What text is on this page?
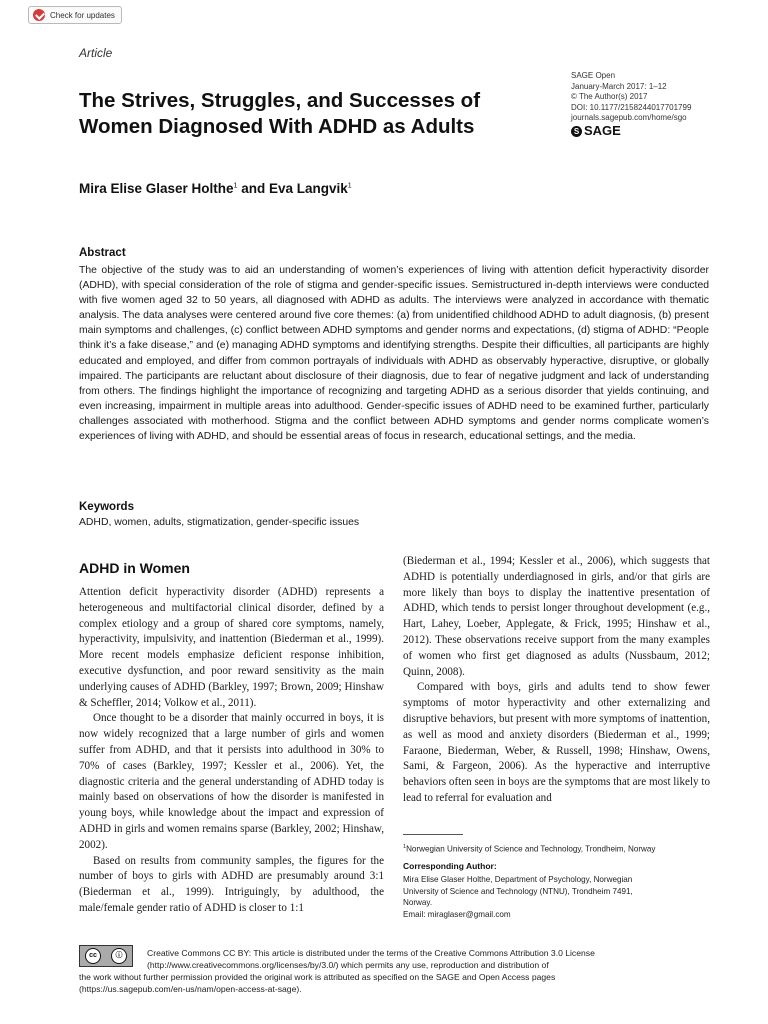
Check for updates
Article
The Strives, Struggles, and Successes of Women Diagnosed With ADHD as Adults
SAGE Open
January-March 2017: 1–12
© The Author(s) 2017
DOI: 10.1177/2158244017701799
journals.sagepub.com/home/sgo
S SAGE
Mira Elise Glaser Holthe$^1$ and Eva Langvik$^1$
Abstract

The objective of the study was to aid an understanding of women’s experiences of living with attention deficit hyperactivity disorder (ADHD), with special consideration of the role of stigma and gender-specific issues. Semistructured in-depth interviews were conducted with five women aged 32 to 50 years, all diagnosed with ADHD as adults. The interviews were analyzed in accordance with thematic analysis. The data analyses were centered around five core themes: (a) from unidentified childhood ADHD to adult diagnosis, (b) present main symptoms and challenges, (c) conflict between ADHD symptoms and gender norms and expectations, (d) stigma of ADHD: “People think it’s a fake disease,” and (e) managing ADHD symptoms and identifying strengths. Despite their difficulties, all participants are highly educated and employed, and differ from common portrayals of individuals with ADHD as observably hyperactive, disruptive, or globally impaired. The participants are reluctant about disclosure of their diagnosis, due to fear of negative judgment and lack of understanding from others. The findings highlight the importance of recognizing and targeting ADHD as a serious disorder that yields continuing, and even increasing, impairment in multiple areas into adulthood. Gender-specific issues of ADHD need to be examined further, particularly challenges associated with motherhood. Stigma and the conflict between ADHD symptoms and gender norms complicate women’s experiences of living with ADHD, and should be essential areas of focus in research, educational settings, and the media.

Keywords
ADHD, women, adults, stigmatization, gender-specific issues
ADHD in Women

Attention deficit hyperactivity disorder (ADHD) represents a heterogeneous and multifactorial clinical disorder, defined by a complex etiology and a group of shared core symptoms, namely, hyperactivity, impulsivity, and inattention (Biederman et al., 1999). More recent models emphasize deficient response inhibition, executive dysfunction, and poor reward sensitivity as the main underlying causes of ADHD (Barkley, 1997; Brown, 2009; Hinshaw & Scheffler, 2014; Volkow et al., 2011).

Once thought to be a disorder that mainly occurred in boys, it is now widely recognized that a large number of girls and women suffer from ADHD, and that it persists into adulthood in 30% to 70% of cases (Barkley, 1997; Kessler et al., 2006). Yet, the diagnostic criteria and the general understanding of ADHD today is mainly based on observations of how the disorder is manifested in young boys, while knowledge about the impact and expression of ADHD in girls and women remains sparse (Barkley, 2002; Hinshaw, 2002).

Based on results from community samples, the figures for the number of boys to girls with ADHD are presumably around 3:1 (Biederman et al., 1999). Intriguingly, by adulthood, the male/female gender ratio of ADHD is closer to 1:1

(Biederman et al., 1994; Kessler et al., 2006), which suggests that ADHD is potentially underdiagnosed in girls, and/or that girls are more likely than boys to display the inattentive presentation of ADHD, which tends to persist longer throughout development (e.g., Hart, Lahey, Loeber, Applegate, & Frick, 1995; Hinshaw et al., 2012). These observations receive support from the many examples of women who first get diagnosed as adults (Nussbaum, 2012; Quinn, 2008).

Compared with boys, girls and adults tend to show fewer symptoms of motor hyperactivity and other externalizing and disruptive behaviors, but present with more symptoms of inattention, as well as mood and anxiety disorders (Biederman et al., 1999; Faraone, Biederman, Weber, & Russell, 1998; Hinshaw, Owens, Sami, & Fargeon, 2006). As the hyperactive and interruptive behaviors often seen in boys are the symptoms that are most likely to lead to referral for evaluation and

$^1$Norwegian University of Science and Technology, Trondheim, Norway
Corresponding Author:
Mira Elise Glaser Holthe, Department of Psychology, Norwegian
University of Science and Technology (NTNU), Trondheim 7491,
Norway.
Email: miraglaser@gmail.com
cc	ⓘ	Creative Commons CC BY: This article is distributed under the terms of the Creative Commons Attribution 3.0 License
(http://www.creativecommons.org/licenses/by/3.0/) which permits any use, reproduction and distribution of
the work without further permission provided the original work is attributed as specified on the SAGE and Open Access pages
(https://us.sagepub.com/en-us/nam/open-access-at-sage).
